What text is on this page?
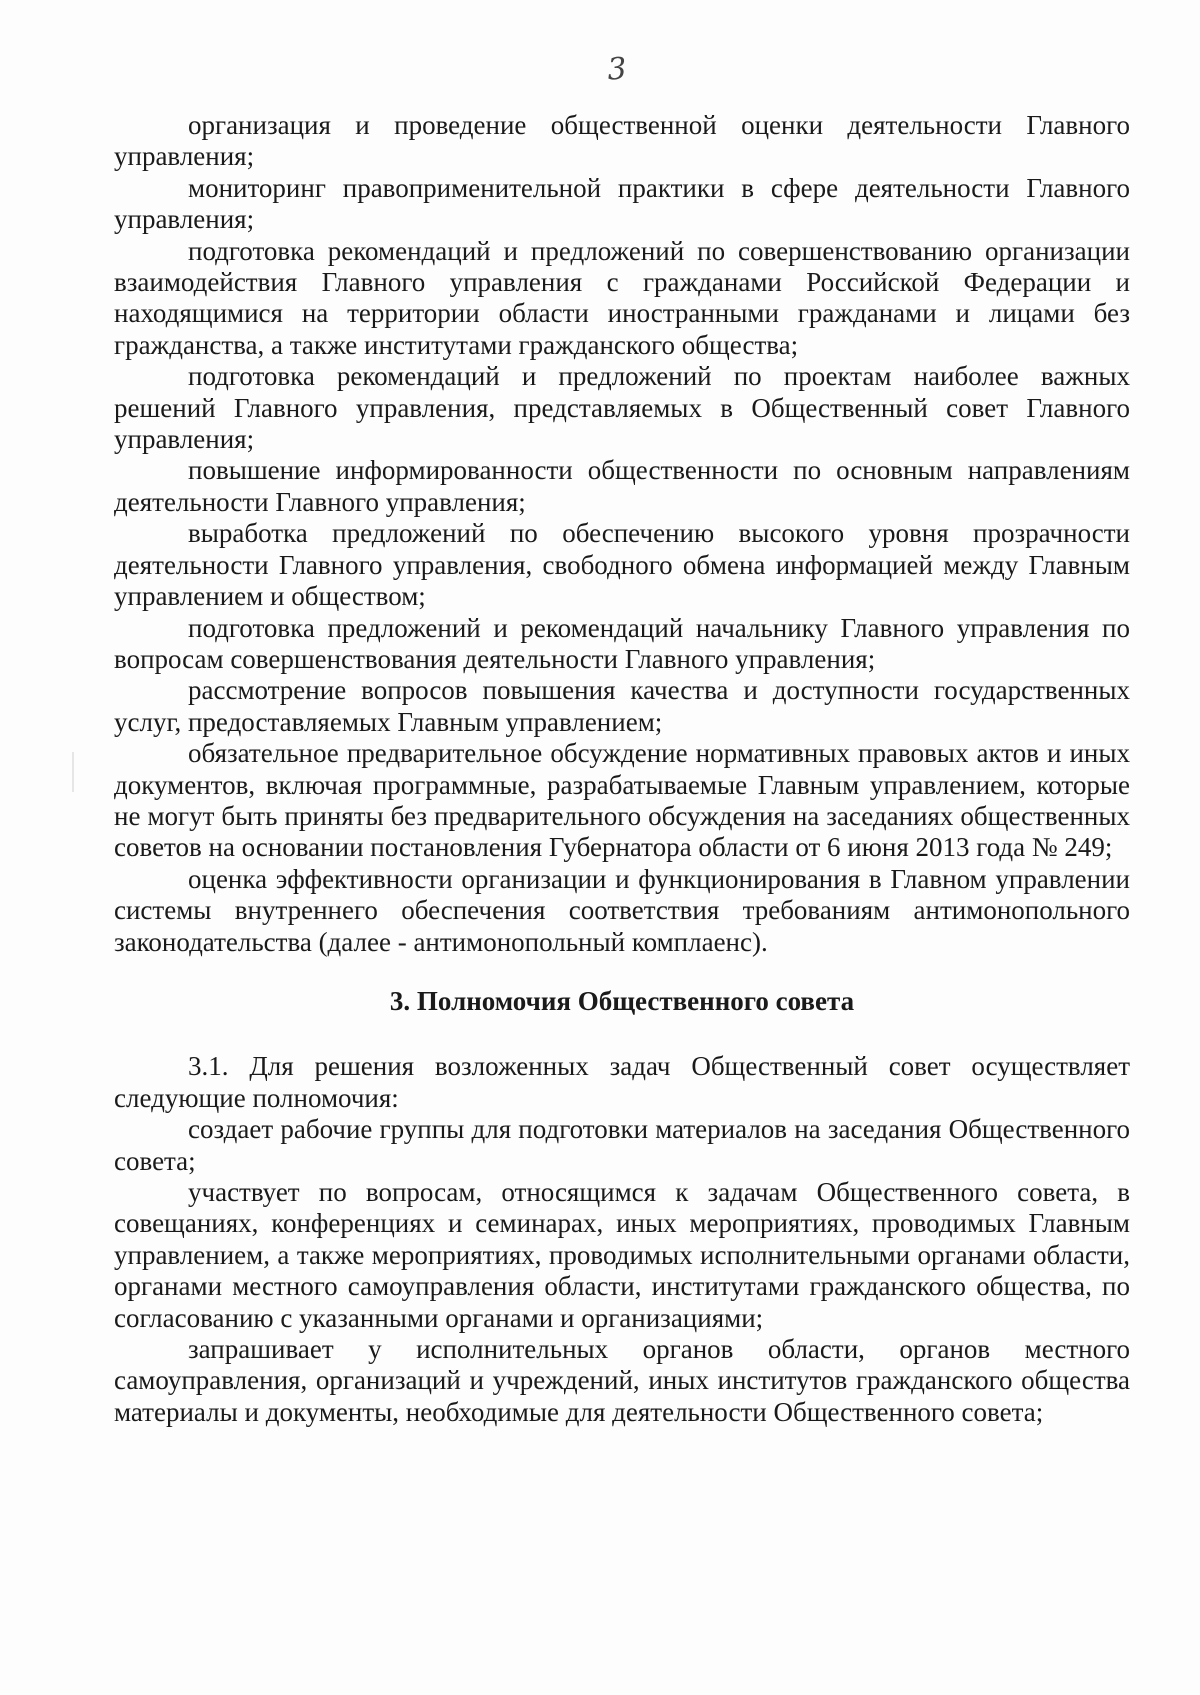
3

организация и проведение общественной оценки деятельности Главного управления;

мониторинг правоприменительной практики в сфере деятельности Главного управления;

подготовка рекомендаций и предложений по совершенствованию организации взаимодействия Главного управления с гражданами Российской Федерации и находящимися на территории области иностранными гражданами и лицами без гражданства, а также институтами гражданского общества;

подготовка рекомендаций и предложений по проектам наиболее важных решений Главного управления, представляемых в Общественный совет Главного управления;

повышение информированности общественности по основным направлениям деятельности Главного управления;

выработка предложений по обеспечению высокого уровня прозрачности деятельности Главного управления, свободного обмена информацией между Главным управлением и обществом;

подготовка предложений и рекомендаций начальнику Главного управления по вопросам совершенствования деятельности Главного управления;

рассмотрение вопросов повышения качества и доступности государственных услуг, предоставляемых Главным управлением;

обязательное предварительное обсуждение нормативных правовых актов и иных документов, включая программные, разрабатываемые Главным управлением, которые не могут быть приняты без предварительного обсуждения на заседаниях общественных советов на основании постановления Губернатора области от 6 июня 2013 года № 249;

оценка эффективности организации и функционирования в Главном управлении системы внутреннего обеспечения соответствия требованиям антимонопольного законодательства (далее - антимонопольный комплаенс).

3. Полномочия Общественного совета

3.1. Для решения возложенных задач Общественный совет осуществляет следующие полномочия:

создает рабочие группы для подготовки материалов на заседания Общественного совета;

участвует по вопросам, относящимся к задачам Общественного совета, в совещаниях, конференциях и семинарах, иных мероприятиях, проводимых Главным управлением, а также мероприятиях, проводимых исполнительными органами области, органами местного самоуправления области, институтами гражданского общества, по согласованию с указанными органами и организациями;

запрашивает у исполнительных органов области, органов местного самоуправления, организаций и учреждений, иных институтов гражданского общества материалы и документы, необходимые для деятельности Общественного совета;
